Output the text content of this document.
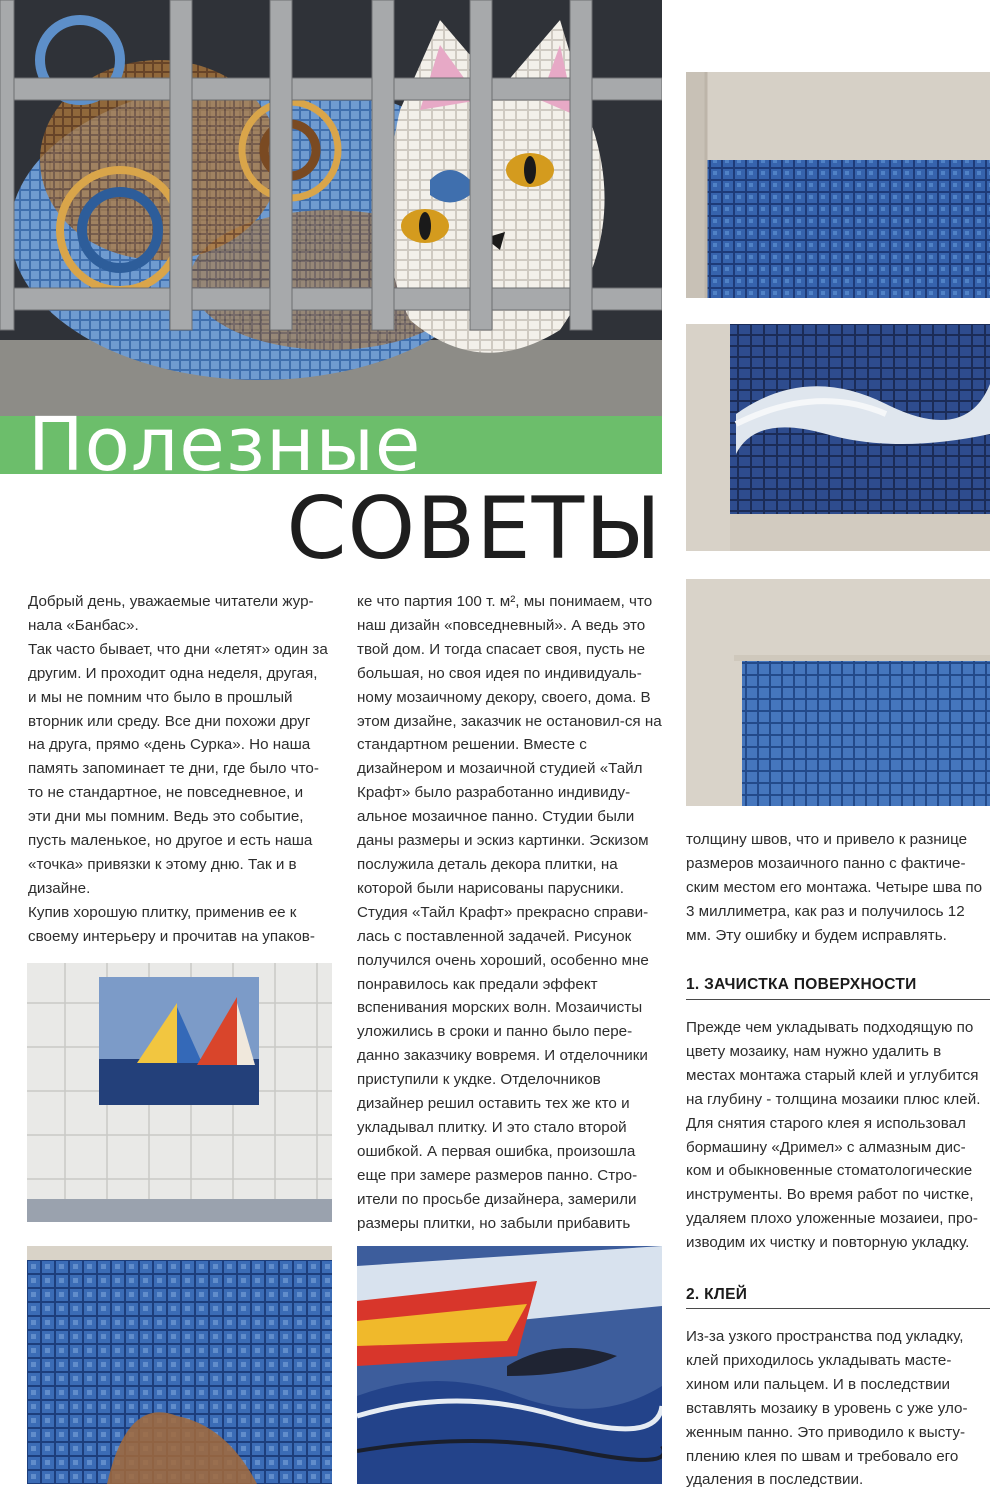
Полезные
СОВЕТЫ

Добрый день, уважаемые читатели жур-нала «Банбас».

Так часто бывает, что дни «летят» один за другим. И проходит одна неделя, другая, и мы не помним что было в прошлый вторник или среду. Все дни похожи друг на друга, прямо «день Сурка». Но наша память запоминает те дни, где было что-то не стандартное, не повседневное, и эти дни мы помним. Ведь это событие, пусть маленькое, но другое и есть наша «точка» привязки к этому дню. Так и в дизайне.

Купив хорошую плитку, применив ее к своему интерьеру и прочитав на упаков-

ке что партия 100 т. м², мы понимаем, что наш дизайн «повседневный». А ведь это твой дом. И тогда спасает своя, пусть не большая, но своя идея по индивидуаль-ному мозаичному декору, своего, дома. В этом дизайне, заказчик не остановил-ся на стандартном решении. Вместе с дизайнером и мозаичной студией «Тайл Крафт» было разработанно индивиду-альное мозаичное панно. Студии были даны размеры и эскиз картинки. Эскизом послужила деталь декора плитки, на которой были нарисованы парусники. Студия «Тайл Крафт» прекрасно справи-лась с поставленной задачей. Рисунок получился очень хороший, особенно мне понравилось как предали эффект вспенивания морских волн. Мозаичисты уложились в сроки и панно было пере-данно заказчику вовремя. И отделочники приступили к укдке. Отделочников дизайнер решил оставить тех же кто и укладывал плитку. И это стало второй ошибкой. А первая ошибка, произошла еще при замере размеров панно. Стро-ители по просьбе дизайнера, замерили размеры плитки, но забыли прибавить

толщину швов, что и привело к разнице размеров мозаичного панно с фактиче-ским местом его монтажа. Четыре шва по 3 миллиметра, как раз и получилось 12 мм. Эту ошибку и будем исправлять.

1. ЗАЧИСТКА ПОВЕРХНОСТИ

Прежде чем укладывать подходящую по цвету мозаику, нам нужно удалить в местах монтажа старый клей и углубится на глубину - толщина мозаики плюс клей. Для снятия старого клея я использовал бормашину «Дримел» с алмазным дис-ком и обыкновенные стоматологические инструменты. Во время работ по чистке, удаляем плохо уложенные мозаиеи, про-изводим их чистку и повторную укладку.

2. КЛЕЙ

Из-за узкого пространства под укладку, клей приходилось укладывать масте-хином или пальцем. И в последствии вставлять мозаику в уровень с уже уло-женным панно. Это приводило к высту-плению клея по швам и требовало его удаления в последствии.
